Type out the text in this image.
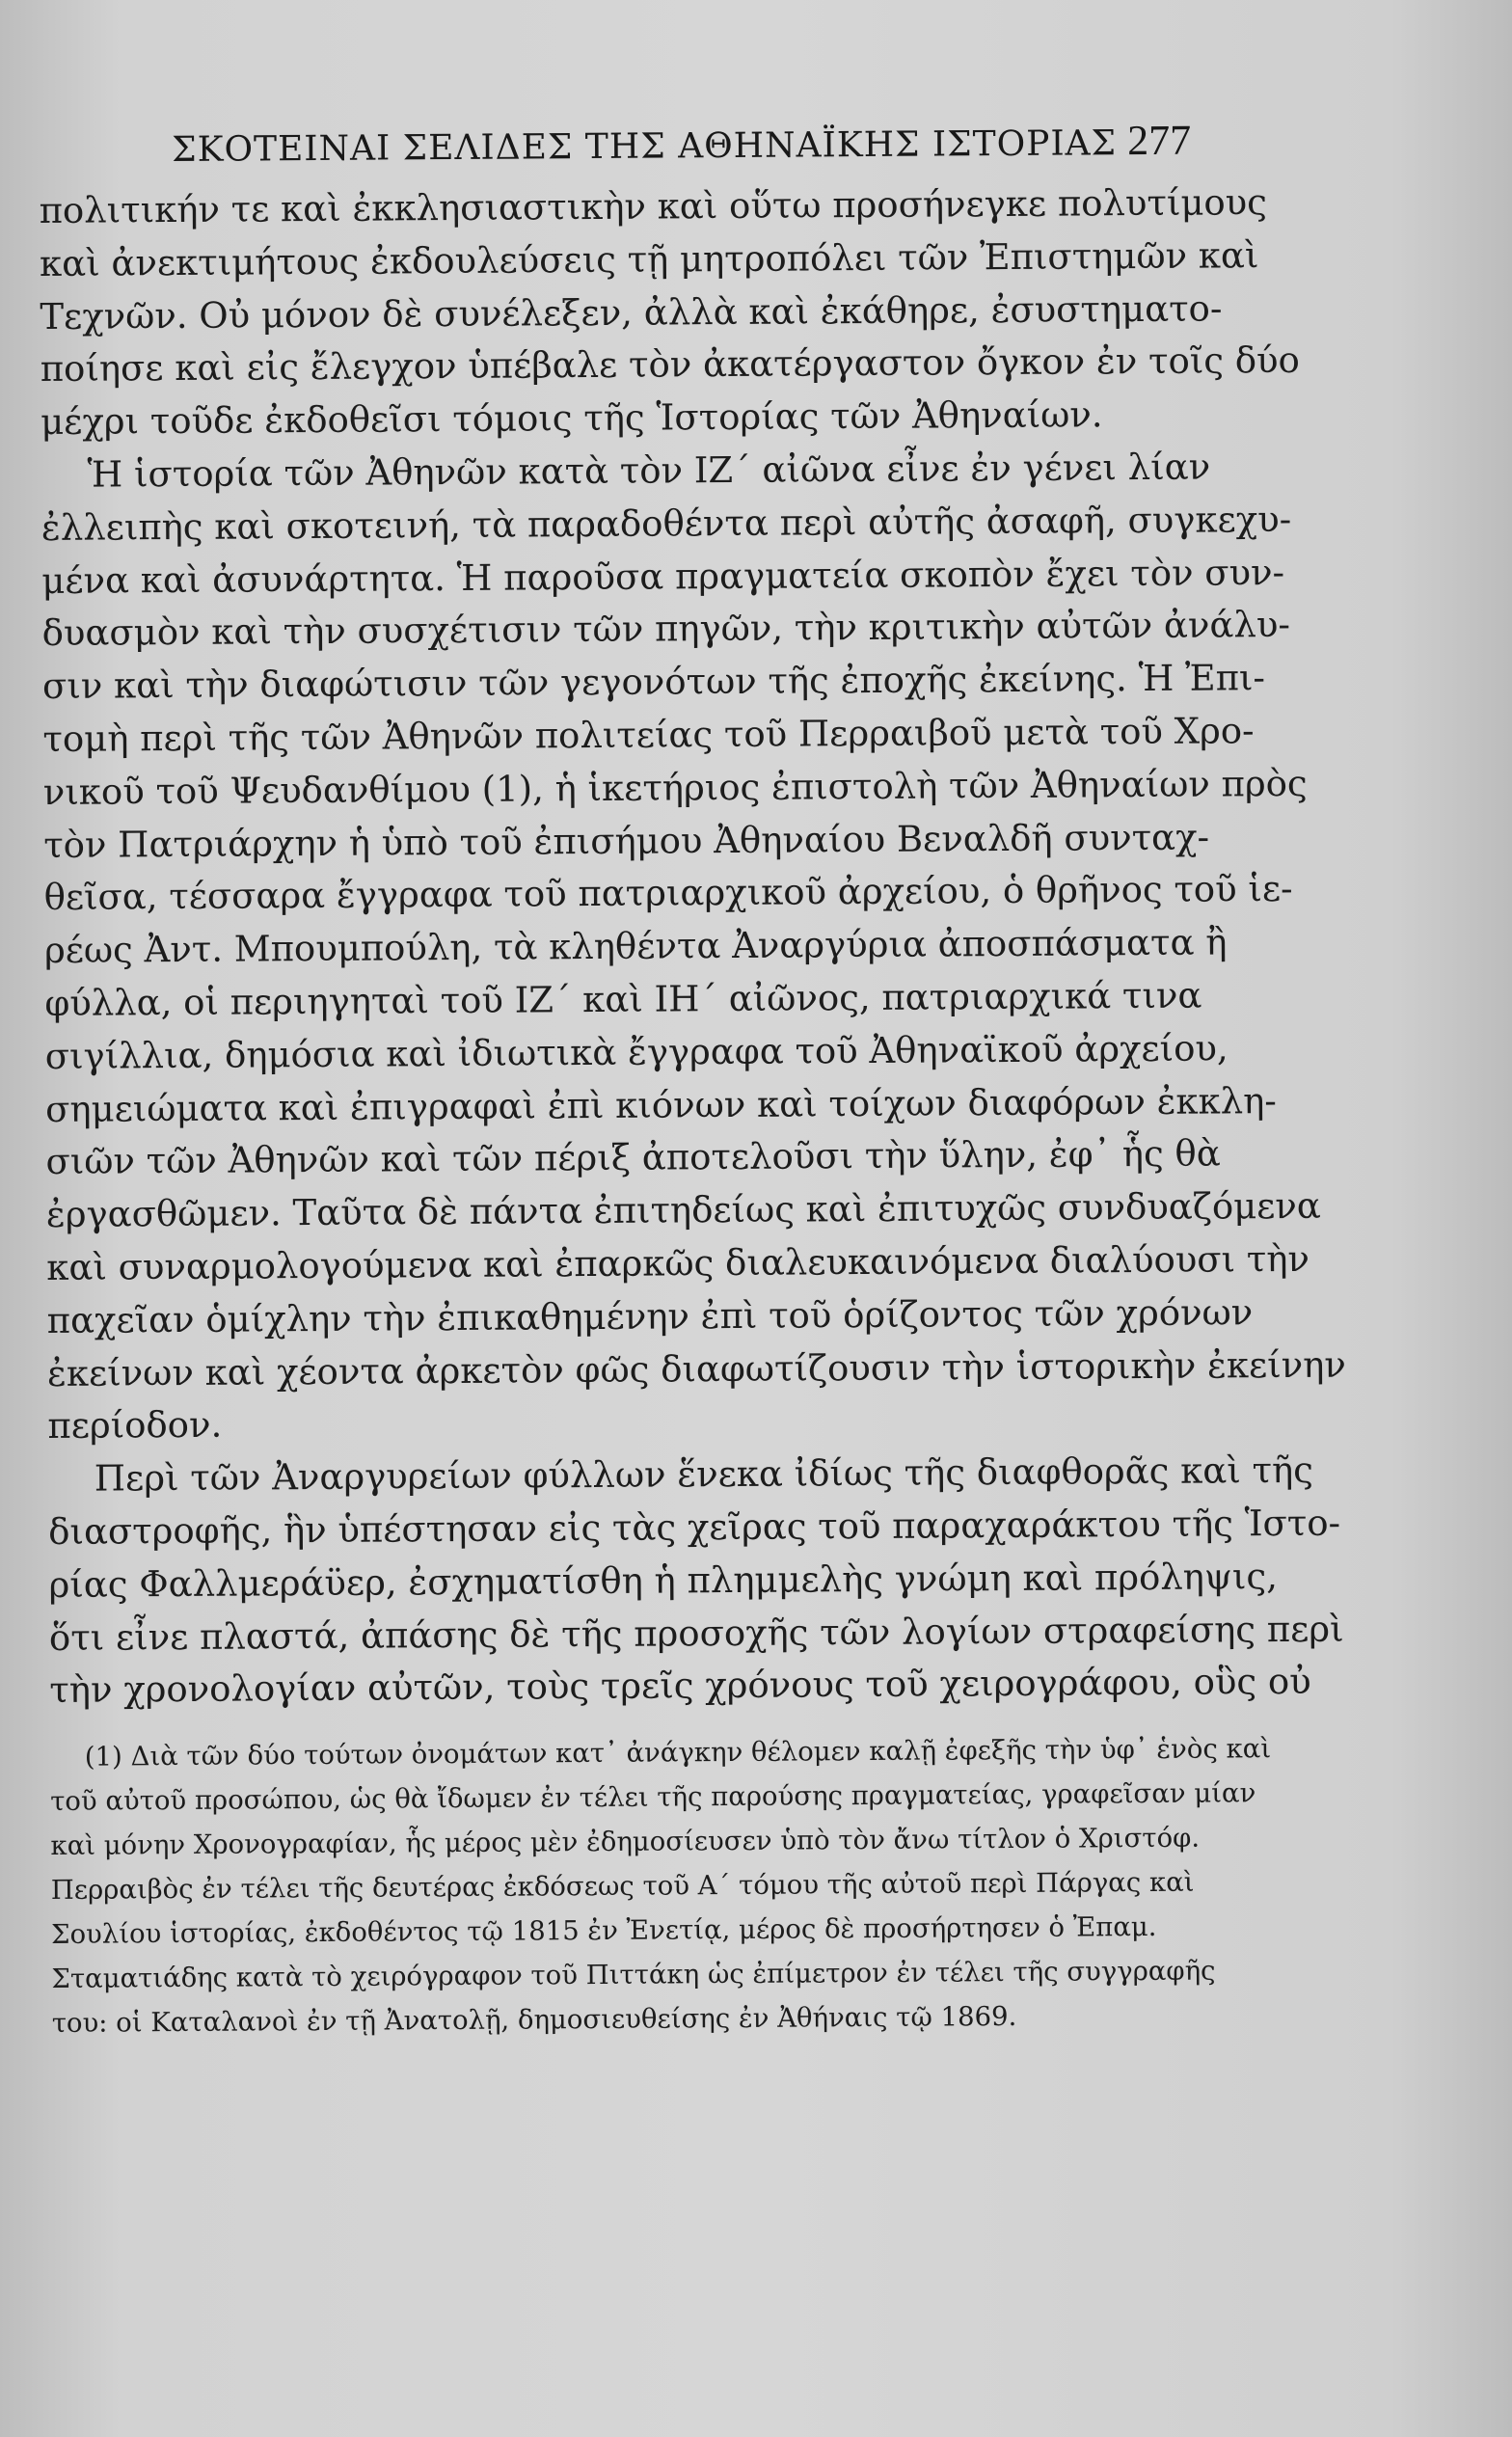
ΣΚΟΤΕΙΝΑΙ ΣΕΛΙΔΕΣ ΤΗΣ ΑΘΗΝΑΪΚΗΣ ΙΣΤΟΡΙΑΣ 277
πολιτικήν τε καὶ ἐκκλησιαστικὴν καὶ οὕτω προσήνεγκε πολυτίμους
καὶ ἀνεκτιμήτους ἐκδουλεύσεις τῇ μητροπόλει τῶν Ἐπιστημῶν καὶ
Τεχνῶν. Οὐ μόνον δὲ συνέλεξεν, ἀλλὰ καὶ ἐκάθηρε, ἐσυστηματο-
ποίησε καὶ εἰς ἔλεγχον ὑπέβαλε τὸν ἀκατέργαστον ὄγκον ἐν τοῖς δύο
μέχρι τοῦδε ἐκδοθεῖσι τόμοις τῆς Ἱστορίας τῶν Ἀθηναίων.
Ἡ ἱστορία τῶν Ἀθηνῶν κατὰ τὸν ΙΖ΄ αἰῶνα εἶνε ἐν γένει λίαν
ἐλλειπὴς καὶ σκοτεινή, τὰ παραδοθέντα περὶ αὐτῆς ἀσαφῆ, συγκεχυ-
μένα καὶ ἀσυνάρτητα. Ἡ παροῦσα πραγματεία σκοπὸν ἔχει τὸν συν-
δυασμὸν καὶ τὴν συσχέτισιν τῶν πηγῶν, τὴν κριτικὴν αὐτῶν ἀνάλυ-
σιν καὶ τὴν διαφώτισιν τῶν γεγονότων τῆς ἐποχῆς ἐκείνης. Ἡ Ἐπι-
τομὴ περὶ τῆς τῶν Ἀθηνῶν πολιτείας τοῦ Περραιβοῦ μετὰ τοῦ Χρο-
νικοῦ τοῦ Ψευδανθίμου (1), ἡ ἱκετήριος ἐπιστολὴ τῶν Ἀθηναίων πρὸς
τὸν Πατριάρχην ἡ ὑπὸ τοῦ ἐπισήμου Ἀθηναίου Βεναλδῆ συνταχ-
θεῖσα, τέσσαρα ἔγγραφα τοῦ πατριαρχικοῦ ἀρχείου, ὁ θρῆνος τοῦ ἱε-
ρέως Ἀντ. Μπουμπούλη, τὰ κληθέντα Ἀναργύρια ἀποσπάσματα ἢ
φύλλα, οἱ περιηγηταὶ τοῦ ΙΖ΄ καὶ ΙΗ΄ αἰῶνος, πατριαρχικά τινα
σιγίλλια, δημόσια καὶ ἰδιωτικὰ ἔγγραφα τοῦ Ἀθηναϊκοῦ ἀρχείου,
σημειώματα καὶ ἐπιγραφαὶ ἐπὶ κιόνων καὶ τοίχων διαφόρων ἐκκλη-
σιῶν τῶν Ἀθηνῶν καὶ τῶν πέριξ ἀποτελοῦσι τὴν ὕλην, ἐφ᾽ ἧς θὰ
ἐργασθῶμεν. Ταῦτα δὲ πάντα ἐπιτηδείως καὶ ἐπιτυχῶς συνδυαζόμενα
καὶ συναρμολογούμενα καὶ ἐπαρκῶς διαλευκαινόμενα διαλύουσι τὴν
παχεῖαν ὁμίχλην τὴν ἐπικαθημένην ἐπὶ τοῦ ὁρίζοντος τῶν χρόνων
ἐκείνων καὶ χέοντα ἀρκετὸν φῶς διαφωτίζουσιν τὴν ἱστορικὴν ἐκείνην
περίοδον.
Περὶ τῶν Ἀναργυρείων φύλλων ἕνεκα ἰδίως τῆς διαφθορᾶς καὶ τῆς
διαστροφῆς, ἣν ὑπέστησαν εἰς τὰς χεῖρας τοῦ παραχαράκτου τῆς Ἱστο-
ρίας Φαλλμεράϋερ, ἐσχηματίσθη ἡ πλημμελὴς γνώμη καὶ πρόληψις,
ὅτι εἶνε πλαστά, ἀπάσης δὲ τῆς προσοχῆς τῶν λογίων στραφείσης περὶ
τὴν χρονολογίαν αὐτῶν, τοὺς τρεῖς χρόνους τοῦ χειρογράφου, οὓς οὐ
(1) Διὰ τῶν δύο τούτων ὀνομάτων κατ᾽ ἀνάγκην θέλομεν καλῇ ἐφεξῆς τὴν ὑφ᾽ ἑνὸς καὶ
τοῦ αὐτοῦ προσώπου, ὡς θὰ ἴδωμεν ἐν τέλει τῆς παρούσης πραγματείας, γραφεῖσαν μίαν
καὶ μόνην Χρονογραφίαν, ἧς μέρος μὲν ἐδημοσίευσεν ὑπὸ τὸν ἄνω τίτλον ὁ Χριστόφ.
Περραιβὸς ἐν τέλει τῆς δευτέρας ἐκδόσεως τοῦ Α΄ τόμου τῆς αὐτοῦ περὶ Πάργας καὶ
Σουλίου ἱστορίας, ἐκδοθέντος τῷ 1815 ἐν Ἐνετίᾳ, μέρος δὲ προσήρτησεν ὁ Ἐπαμ.
Σταματιάδης κατὰ τὸ χειρόγραφον τοῦ Πιττάκη ὡς ἐπίμετρον ἐν τέλει τῆς συγγραφῆς
του: οἱ Καταλανοὶ ἐν τῇ Ἀνατολῇ, δημοσιευθείσης ἐν Ἀθήναις τῷ 1869.
